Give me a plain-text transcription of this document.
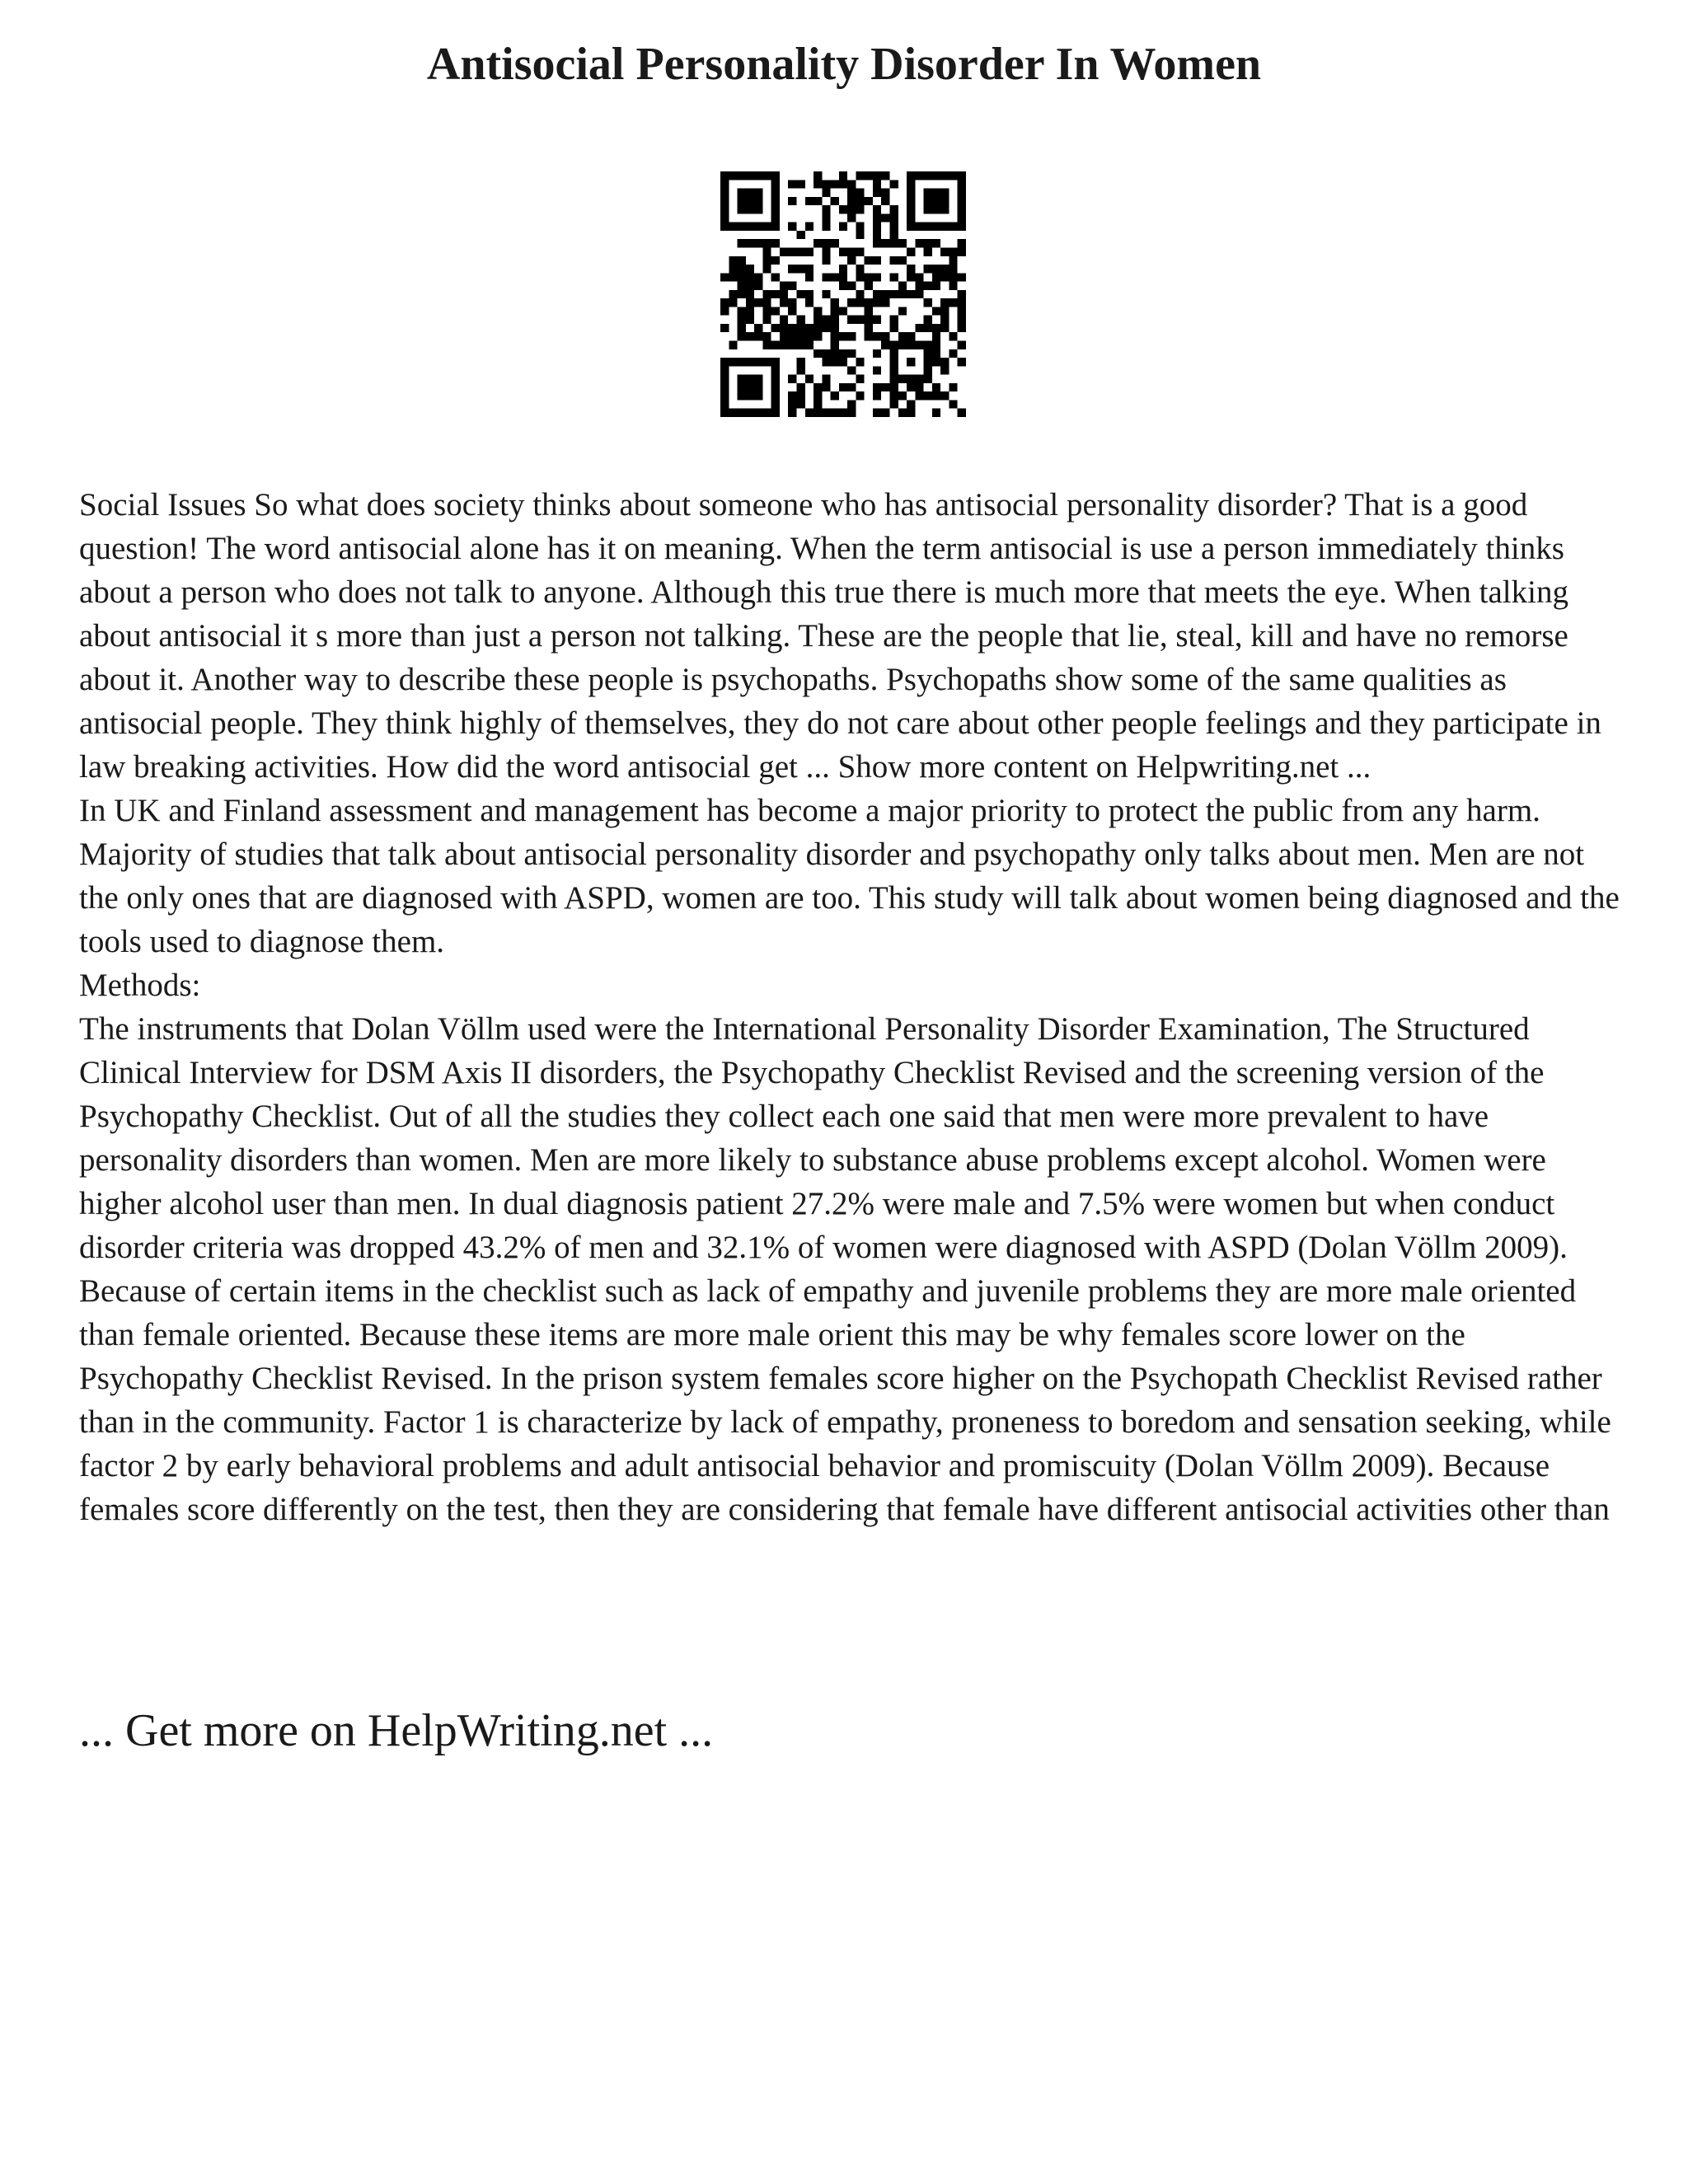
Antisocial Personality Disorder In Women

Social Issues So what does society thinks about someone who has antisocial personality disorder? That is a good question! The word antisocial alone has it on meaning. When the term antisocial is use a person immediately thinks about a person who does not talk to anyone. Although this true there is much more that meets the eye. When talking about antisocial it s more than just a person not talking. These are the people that lie, steal, kill and have no remorse about it. Another way to describe these people is psychopaths. Psychopaths show some of the same qualities as antisocial people. They think highly of themselves, they do not care about other people feelings and they participate in law breaking activities. How did the word antisocial get ... Show more content on Helpwriting.net ...

In UK and Finland assessment and management has become a major priority to protect the public from any harm. Majority of studies that talk about antisocial personality disorder and psychopathy only talks about men. Men are not the only ones that are diagnosed with ASPD, women are too. This study will talk about women being diagnosed and the tools used to diagnose them.

Methods:

The instruments that Dolan Völlm used were the International Personality Disorder Examination, The Structured Clinical Interview for DSM Axis II disorders, the Psychopathy Checklist Revised and the screening version of the Psychopathy Checklist. Out of all the studies they collect each one said that men were more prevalent to have personality disorders than women. Men are more likely to substance abuse problems except alcohol. Women were higher alcohol user than men. In dual diagnosis patient 27.2% were male and 7.5% were women but when conduct disorder criteria was dropped 43.2% of men and 32.1% of women were diagnosed with ASPD (Dolan Völlm 2009). Because of certain items in the checklist such as lack of empathy and juvenile problems they are more male oriented than female oriented. Because these items are more male orient this may be why females score lower on the Psychopathy Checklist Revised. In the prison system females score higher on the Psychopath Checklist Revised rather than in the community. Factor 1 is characterize by lack of empathy, proneness to boredom and sensation seeking, while factor 2 by early behavioral problems and adult antisocial behavior and promiscuity (Dolan Völlm 2009). Because females score differently on the test, then they are considering that female have different antisocial activities other than

... Get more on HelpWriting.net ...
